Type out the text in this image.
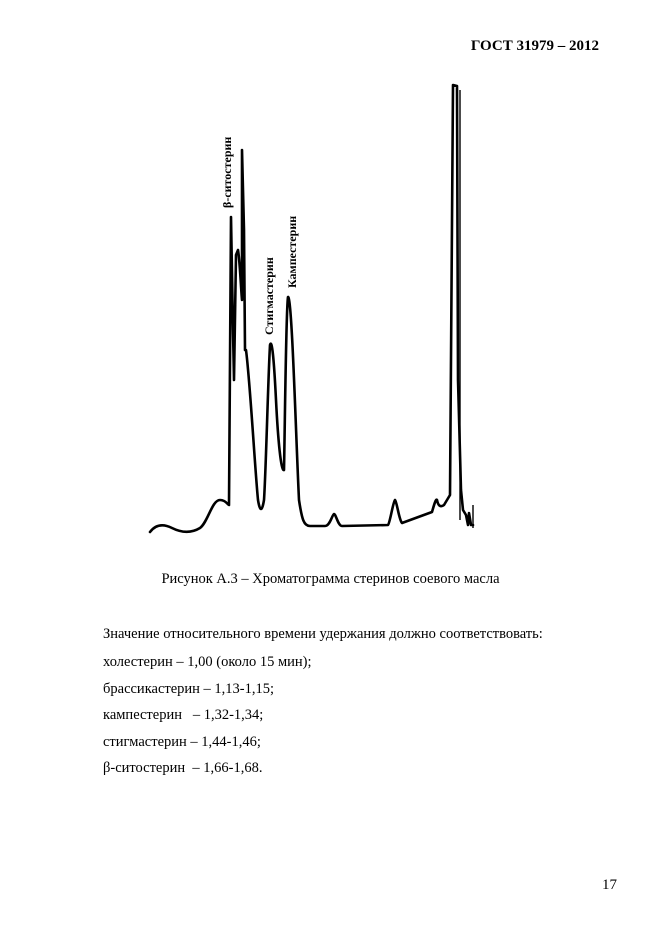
ГОСТ 31979 – 2012
β-ситостерин
Стигмастерин
Кампестерин
Рисунок А.3 – Хроматограмма стеринов соевого масла
Значение относительного времени удержания должно соответствовать:
холестерин – 1,00 (около 15 мин);
брассикастерин – 1,13-1,15;
кампестерин   – 1,32-1,34;
стигмастерин – 1,44-1,46;
β-ситостерин  – 1,66-1,68.
17
